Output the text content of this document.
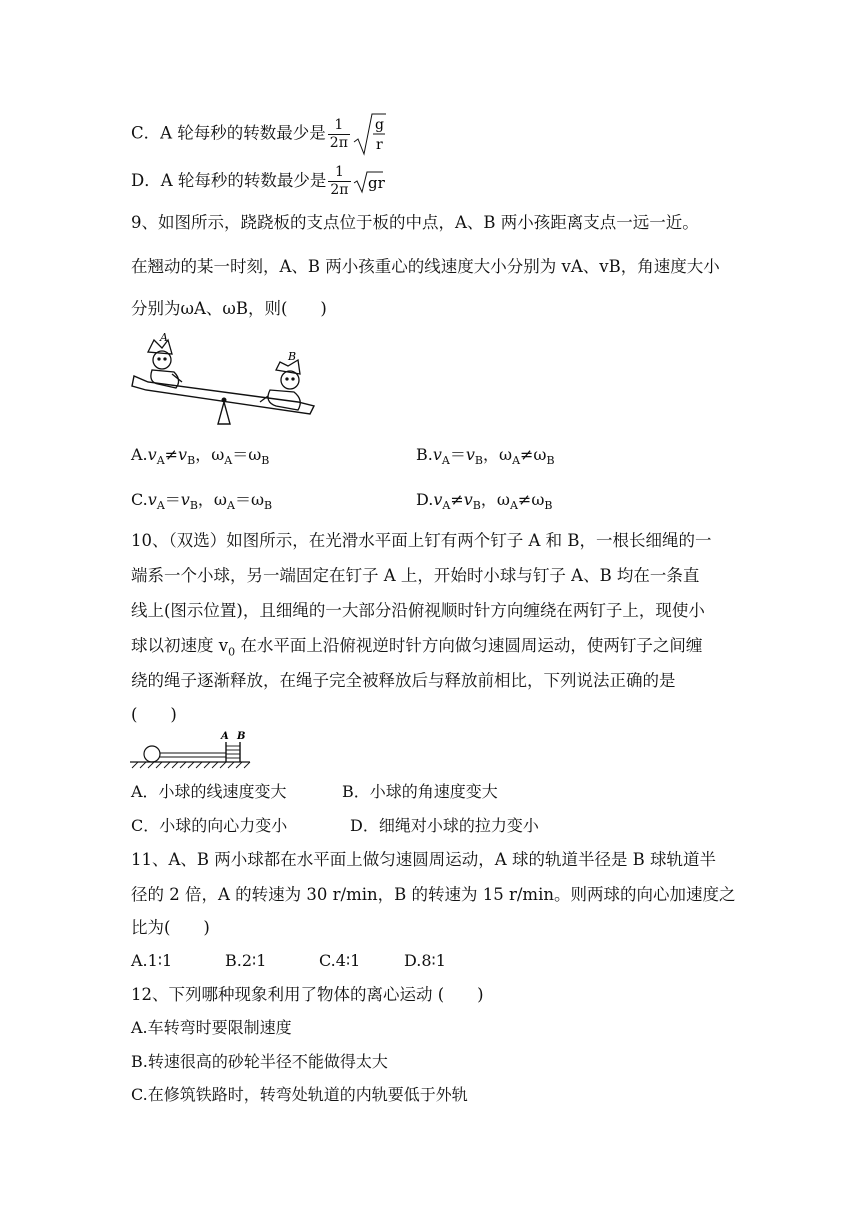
C．A 轮每秒的转数最少是 $\frac{1}{2\pi}$ g
r
D．A 轮每秒的转数最少是 $\frac{1}{2\pi}$ gr
9、如图所示，跷跷板的支点位于板的中点，A、B 两小孩距离支点一远一近。
在翘动的某一时刻，A、B 两小孩重心的线速度大小分别为 vA、vB，角速度大小
分别为ωA、ωB，则(　　)
A
B
$A.v_A\ne v_B$，$\omega_A=\omega_B$	$B.v_A=v_B$，$\omega_A\ne\omega_B$
$C.v_A=v_B$，$\omega_A=\omega_B$	$D.v_A\ne v_B$，$\omega_A\ne\omega_B$
10、（双选）如图所示，在光滑水平面上钉有两个钉子 A 和 B，一根长细绳的一
端系一个小球，另一端固定在钉子 A 上，开始时小球与钉子 A、B 均在一条直
线上(图示位置)，且细绳的一大部分沿俯视顺时针方向缠绕在两钉子上，现使小
球以初速度 $v_0$ 在水平面上沿俯视逆时针方向做匀速圆周运动，使两钉子之间缠
绕的绳子逐渐释放，在绳子完全被释放后与释放前相比，下列说法正确的是
(　　)
A B
A．小球的线速度变大	B．小球的角速度变大
C．小球的向心力变小	D．细绳对小球的拉力变小
11、A、B 两小球都在水平面上做匀速圆周运动，A 球的轨道半径是 B 球轨道半
径的 2 倍，A 的转速为 30 r/min，B 的转速为 15 r/min。则两球的向心加速度之
比为(　　)
A.1∶1	B.2∶1	C.4∶1	D.8∶1
12、下列哪种现象利用了物体的离心运动 (　　)
A.车转弯时要限制速度
B.转速很高的砂轮半径不能做得太大
C.在修筑铁路时，转弯处轨道的内轨要低于外轨
